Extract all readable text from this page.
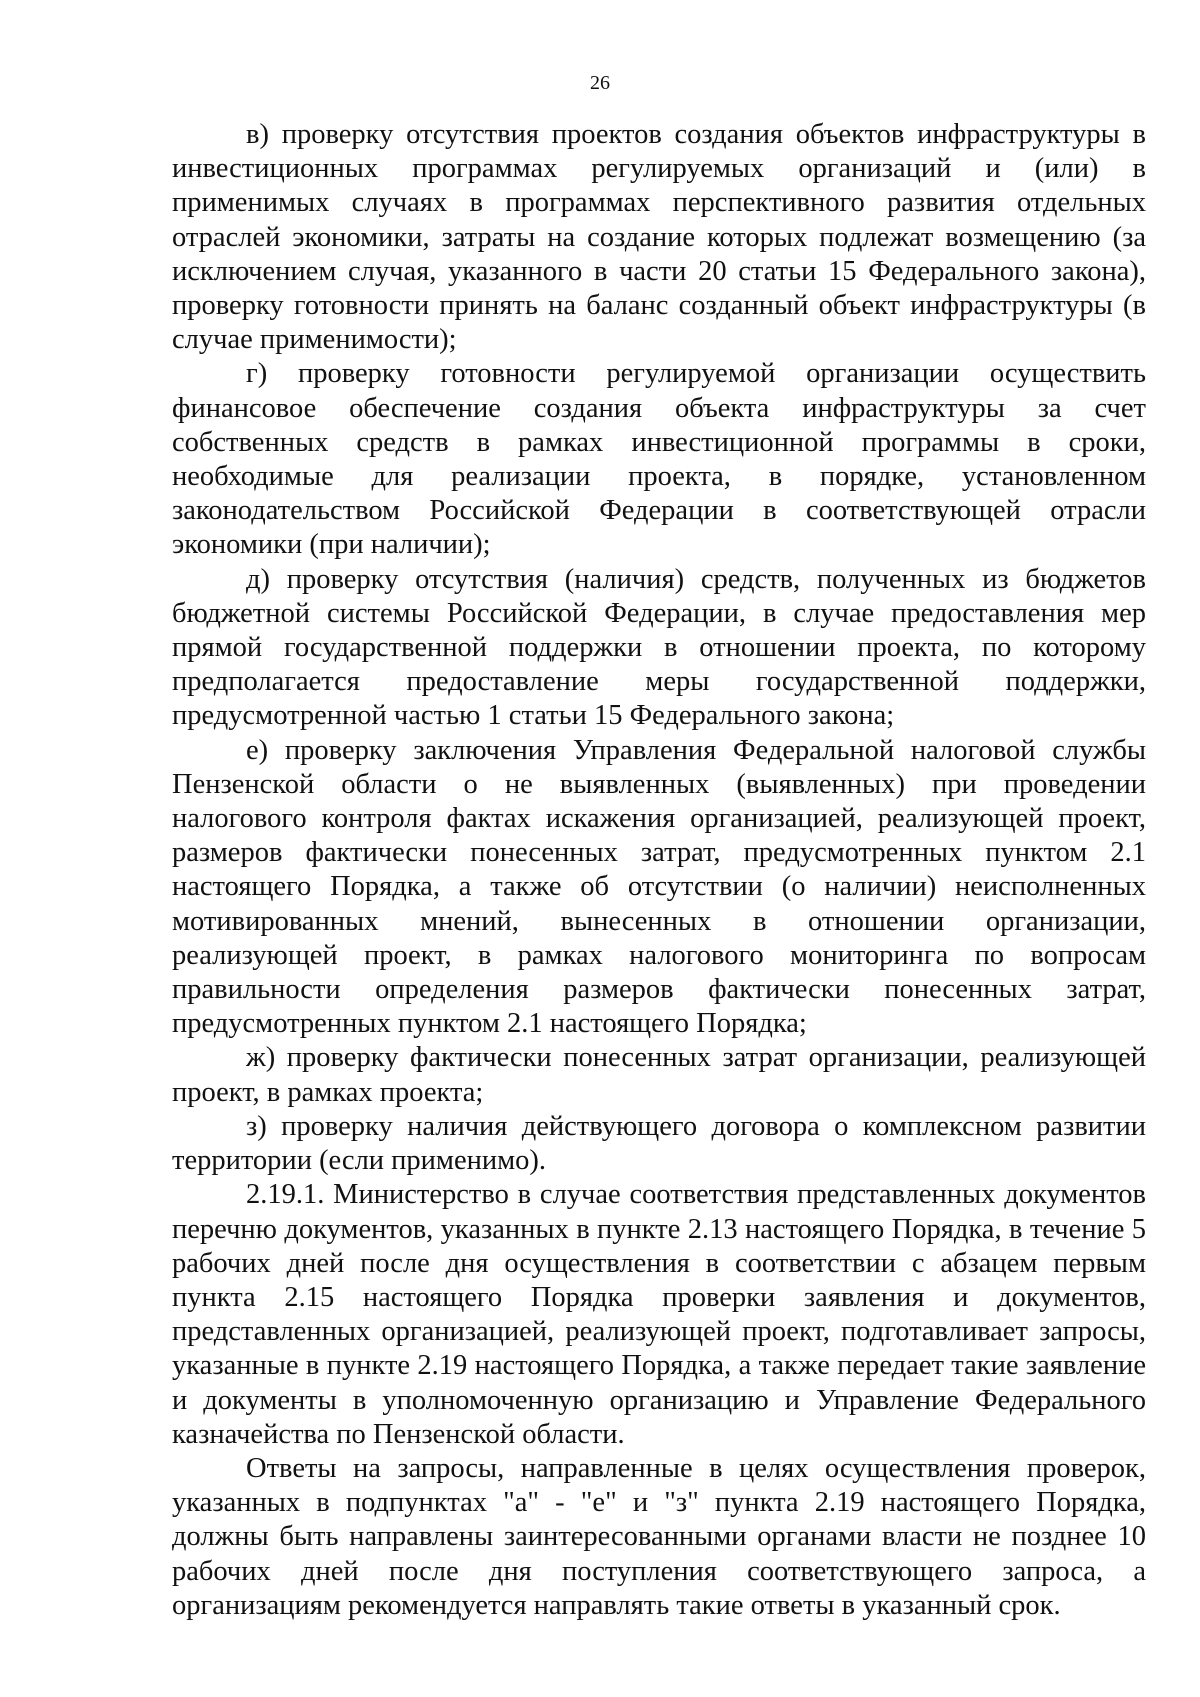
26

в) проверку отсутствия проектов создания объектов инфраструктуры в инвестиционных программах регулируемых организаций и (или) в применимых случаях в программах перспективного развития отдельных отраслей экономики, затраты на создание которых подлежат возмещению (за исключением случая, указанного в части 20 статьи 15 Федерального закона), проверку готовности принять на баланс созданный объект инфраструктуры (в случае применимости);

г) проверку готовности регулируемой организации осуществить финансовое обеспечение создания объекта инфраструктуры за счет собственных средств в рамках инвестиционной программы в сроки, необходимые для реализации проекта, в порядке, установленном законодательством Российской Федерации в соответствующей отрасли экономики (при наличии);

д) проверку отсутствия (наличия) средств, полученных из бюджетов бюджетной системы Российской Федерации, в случае предоставления мер прямой государственной поддержки в отношении проекта, по которому предполагается предоставление меры государственной поддержки, предусмотренной частью 1 статьи 15 Федерального закона;

е) проверку заключения Управления Федеральной налоговой службы Пензенской области о не выявленных (выявленных) при проведении налогового контроля фактах искажения организацией, реализующей проект, размеров фактически понесенных затрат, предусмотренных пунктом 2.1 настоящего Порядка, а также об отсутствии (о наличии) неисполненных мотивированных мнений, вынесенных в отношении организации, реализующей проект, в рамках налогового мониторинга по вопросам правильности определения размеров фактически понесенных затрат, предусмотренных пунктом 2.1 настоящего Порядка;

ж) проверку фактически понесенных затрат организации, реализующей проект, в рамках проекта;

з) проверку наличия действующего договора о комплексном развитии территории (если применимо).

2.19.1. Министерство в случае соответствия представленных документов перечню документов, указанных в пункте 2.13 настоящего Порядка, в течение 5 рабочих дней после дня осуществления в соответствии с абзацем первым пункта 2.15 настоящего Порядка проверки заявления и документов, представленных организацией, реализующей проект, подготавливает запросы, указанные в пункте 2.19 настоящего Порядка, а также передает такие заявление и документы в уполномоченную организацию и Управление Федерального казначейства по Пензенской области.

Ответы на запросы, направленные в целях осуществления проверок, указанных в подпунктах "а" - "е" и "з" пункта 2.19 настоящего Порядка, должны быть направлены заинтересованными органами власти не позднее 10 рабочих дней после дня поступления соответствующего запроса, а организациям рекомендуется направлять такие ответы в указанный срок.
